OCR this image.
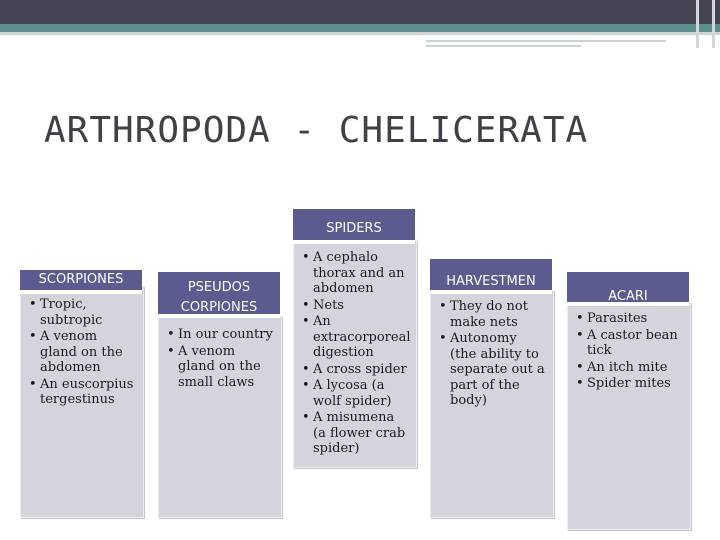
ARTHROPODA - CHELICERATA
• Tropic, subtropic
• A venom gland on the abdomen
• An euscorpius tergestinus
SCORPIONES
• In our country
• A venom gland on the small claws
PSEUDOS CORPIONES
• A cephalo thorax and an abdomen
• Nets
• An extracorporeal digestion
• A cross spider
• A lycosa (a wolf spider)
• A misumena (a flower crab spider)
SPIDERS
• They do not make nets
• Autonomy (the ability to separate out a part of the body)
HARVESTMEN
• Parasites
• A castor bean tick
• An itch mite
• Spider mites
ACARI
